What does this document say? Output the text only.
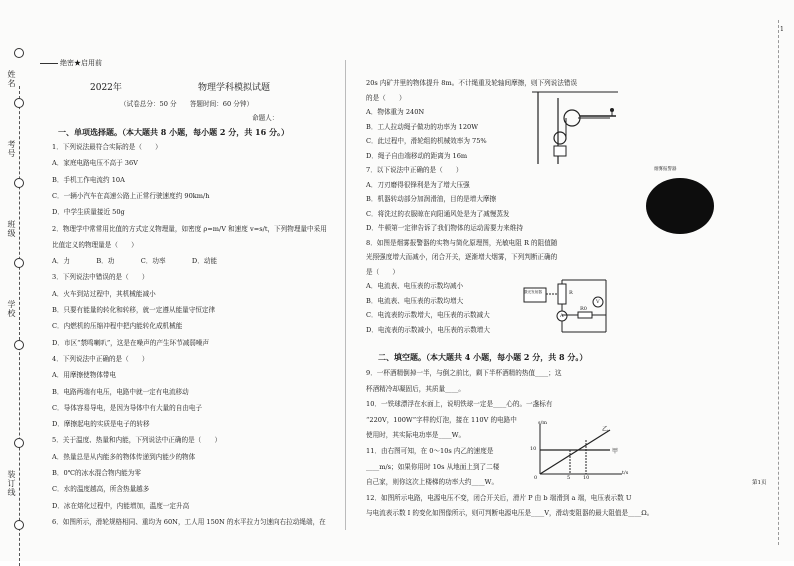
姓名
考号
班级
学校
装订线
绝密★启用前
2022年	物理学科模拟试题
（试卷总分：50 分　　答题时间：60 分钟）
命题人：
1
一、单项选择题。（本大题共 8 小题，每小题 2 分，共 16 分。）

1．下列说法最符合实际的是（　　）

A．家庭电路电压不高于 36V

B．手机工作电流约 10A

C．一辆小汽车在高速公路上正常行驶速度约 90km/h

D．中学生质量接近 50g

2．物理学中常常用比值的方式定义物理量，如密度 ρ=m/V 和速度 v=s/t，下列物理量中采用

比值定义的物理量是（　　）

A．力　　　　B．功　　　　C．功率　　　　D．动能

3．下列说法中错误的是（　　）

A．火车到站过程中，其机械能减小

B．只要有能量的转化和转移，就一定遵从能量守恒定律

C．内燃机的压缩冲程中把内能转化成机械能

D．市区“禁鸣喇叭”，这是在噪声的产生环节减弱噪声

4．下列说法中正确的是（　　）

A．用摩擦使物体带电

B．电路两端有电压，电路中就一定有电流移动

C．导体容易导电，是因为导体中有大量的自由电子

D．摩擦起电的实质是电子的转移

5．关于温度、热量和内能，下列说法中正确的是（　　）

A．热量总是从内能多的物体传递到内能少的物体

B．0℃的冰水混合物内能为零

C．水的温度越高，所含热量越多

D．冰在熔化过程中，内能增加，温度一定升高

6．如图所示，滑轮规格相同、重均为 60N，工人用 150N 的水平拉力匀速向右拉动绳端，在

20s 内矿井里的物体提升 8m。不计绳重及轮轴间摩擦，则下列说法错误

的是（　　）

A．物体重为 240N

B．工人拉动绳子做功的功率为 120W

C．此过程中，滑轮组的机械效率为 75%

D．绳子自由端移动的距离为 16m

7．以下说法中正确的是（　　）

A．刀刃磨得很锋利是为了增大压强

B．机器转动部分加润滑油，目的是增大摩擦

C．将洗过的衣服晾在向阳通风处是为了减慢蒸发

D．牛顿第一定律告诉了我们物体的运动需要力来维持

8．如图是烟雾报警器的实物与简化原理图，光敏电阻 R 的阻值随

光照强度增大而减小，闭合开关，逐渐增大烟雾，下列判断正确的

是（　　）

A．电流表、电压表的示数均减小

B．电流表、电压表的示数均增大

C．电流表的示数增大，电压表的示数减大

D．电流表的示数减小，电压表的示数增大

二、填空题。（本大题共 4 小题，每小题 2 分，共 8 分。）

9．一杯酒精倒掉一半，与倒之前比，剩下半杯酒精的热值____；这

杯酒精冷却凝固后，其质量____。

10．一铁球漂浮在水面上，说明铁球一定是____心的。一盏标有

“220V，100W”字样的灯泡，接在 110V 的电路中

使用时，其实际电功率是____W。

11．由右图可知，在 0～10s 内乙的速度是

____m/s；如果你用时 10s 从地面上到了二楼

自己家，则你这次上楼梯的功率大约____W。

12．如图所示电路，电源电压不变，闭合开关后，滑片 P 由 b 端滑到 a 端，电压表示数 U

与电流表示数 I 的变化如图像所示，则可判断电源电压是____V，滑动变阻器的最大阻值是____Ω。

烟雾报警器
R
R0
V
A
激光发射器
s/m
t/s
乙
甲
10
0	5	10
第1页
